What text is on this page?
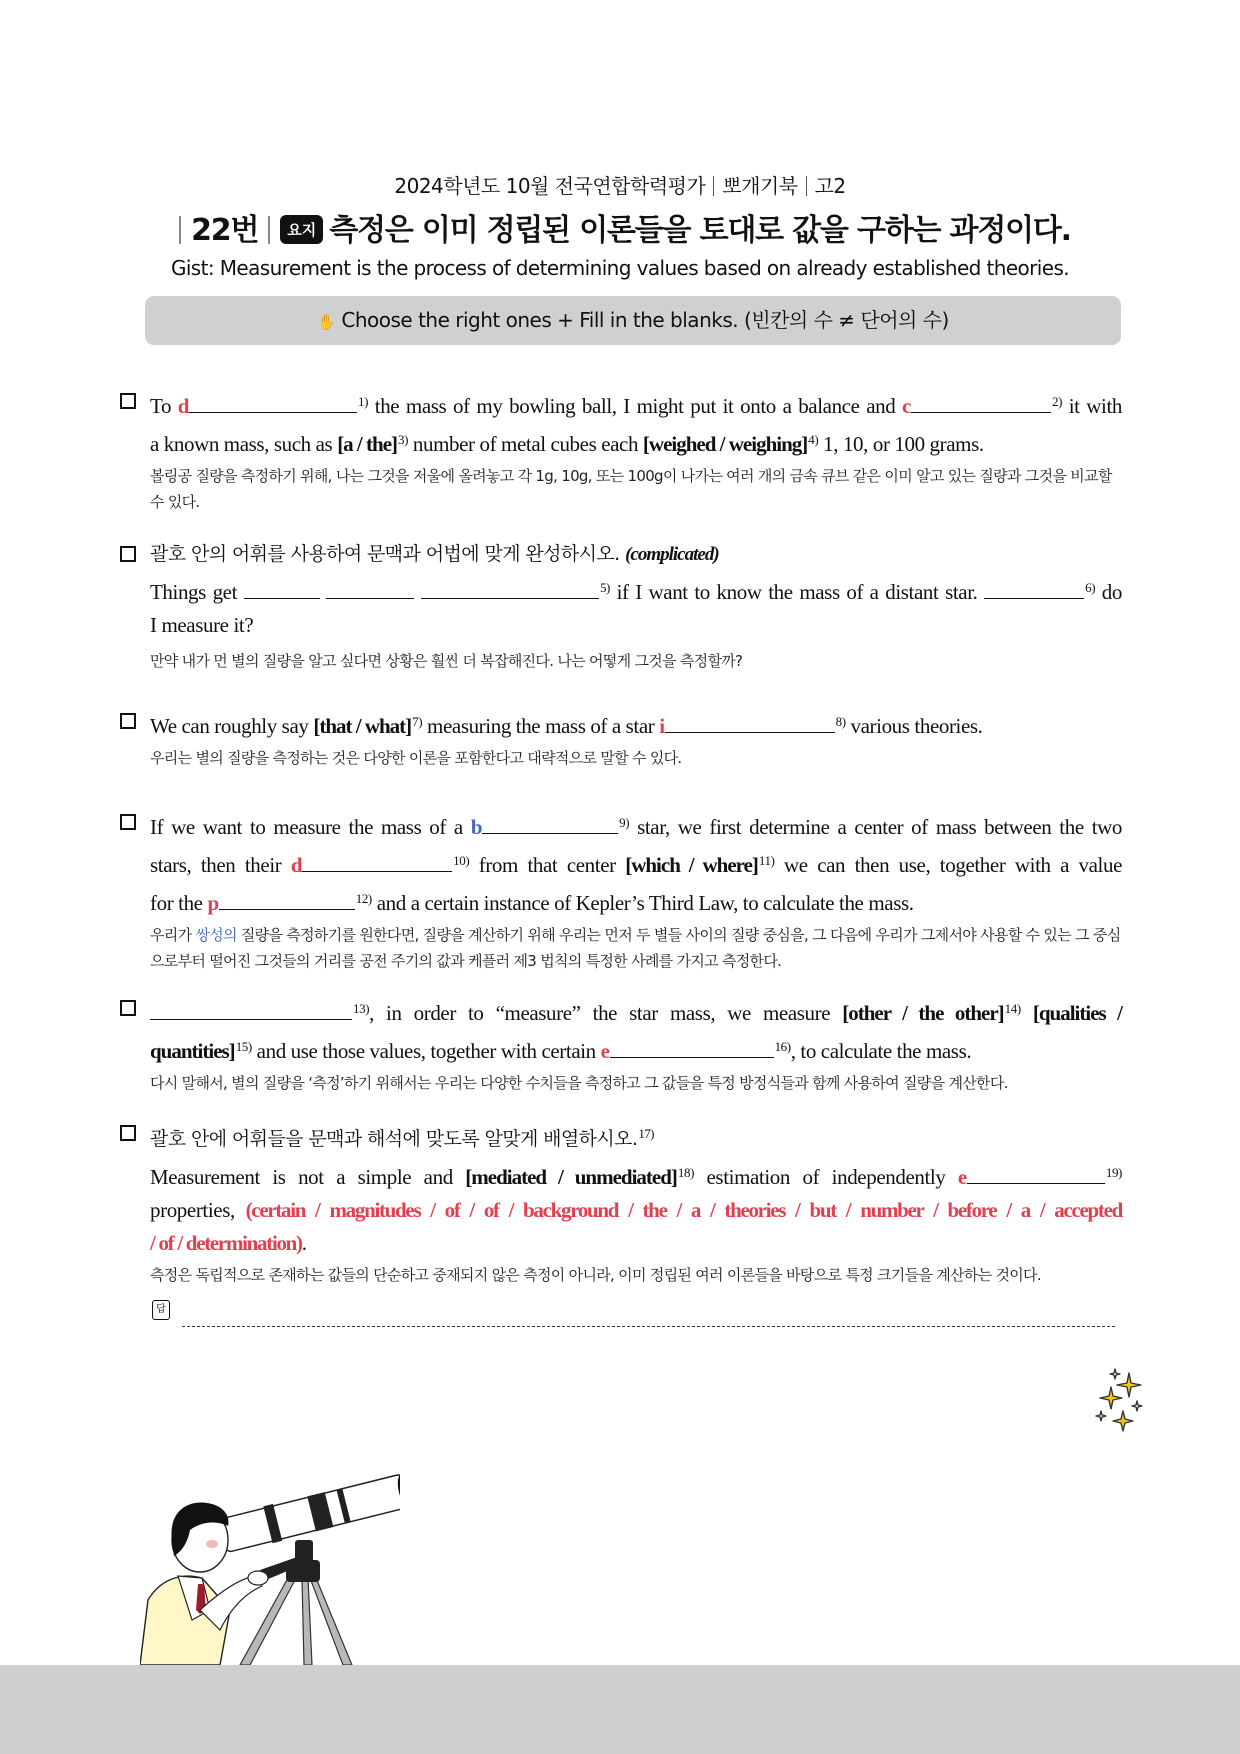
2024학년도 10월 전국연합학력평가 뽀개기북 고2
22번 요지 측정은 이미 정립된 이론들을 토대로 값을 구하는 과정이다.
Gist: Measurement is the process of determining values based on already established theories.
✋ Choose the right ones + Fill in the blanks. (빈칸의 수 ≠ 단어의 수)
To d	$^{1)}$ the mass of my bowling ball, I might put it onto a balance and c	$^{2)}$ it with
a known mass, such as [a / the]$^{3)}$ number of metal cubes each [weighed / weighing]$^{4)}$ 1, 10, or 100 grams.
볼링공 질량을 측정하기 위해, 나는 그것을 저울에 올려놓고 각 1g, 10g, 또는 100g이 나가는 여러 개의 금속 큐브 같은 이미 알고 있는 질량과 그것을 비교할 수 있다.
괄호 안의 어휘를 사용하여 문맥과 어법에 맞게 완성하시오. (complicated)
Things get	$^{5)}$ if I want to know the mass of a distant star.	$^{6)}$ do
I measure it?
만약 내가 먼 별의 질량을 알고 싶다면 상황은 훨씬 더 복잡해진다. 나는 어떻게 그것을 측정할까?
We can roughly say [that / what]$^{7)}$ measuring the mass of a star i	$^{8)}$ various theories.
우리는 별의 질량을 측정하는 것은 다양한 이론을 포함한다고 대략적으로 말할 수 있다.
If we want to measure the mass of a b	$^{9)}$ star, we first determine a center of mass between the two
stars, then their d	$^{10)}$ from that center [which / where]$^{11)}$ we can then use, together with a value
for the p	$^{12)}$ and a certain instance of Kepler’s Third Law, to calculate the mass.
우리가 쌍성의 질량을 측정하기를 원한다면, 질량을 계산하기 위해 우리는 먼저 두 별들 사이의 질량 중심을, 그 다음에 우리가 그제서야 사용할 수 있는 그 중심으로부터 떨어진 그것들의 거리를 공전 주기의 값과 케플러 제3 법칙의 특정한 사례를 가지고 측정한다.
$^{13)}$, in order to “measure” the star mass, we measure [other / the other]$^{14)}$ [qualities /
quantities]$^{15)}$ and use those values, together with certain e	$^{16)}$, to calculate the mass.
다시 말해서, 별의 질량을 ‘측정’하기 위해서는 우리는 다양한 수치들을 측정하고 그 값들을 특정 방정식들과 함께 사용하여 질량을 계산한다.
괄호 안에 어휘들을 문맥과 해석에 맞도록 알맞게 배열하시오.$^{17)}$
Measurement is not a simple and [mediated / unmediated]$^{18)}$ estimation of independently e	$^{19)}$
properties, (certain / magnitudes / of / of / background / the / a / theories / but / number / before / a / accepted
/ of / determination).
측정은 독립적으로 존재하는 값들의 단순하고 중재되지 않은 측정이 아니라, 이미 정립된 여러 이론들을 바탕으로 특정 크기들을 계산하는 것이다.
답
